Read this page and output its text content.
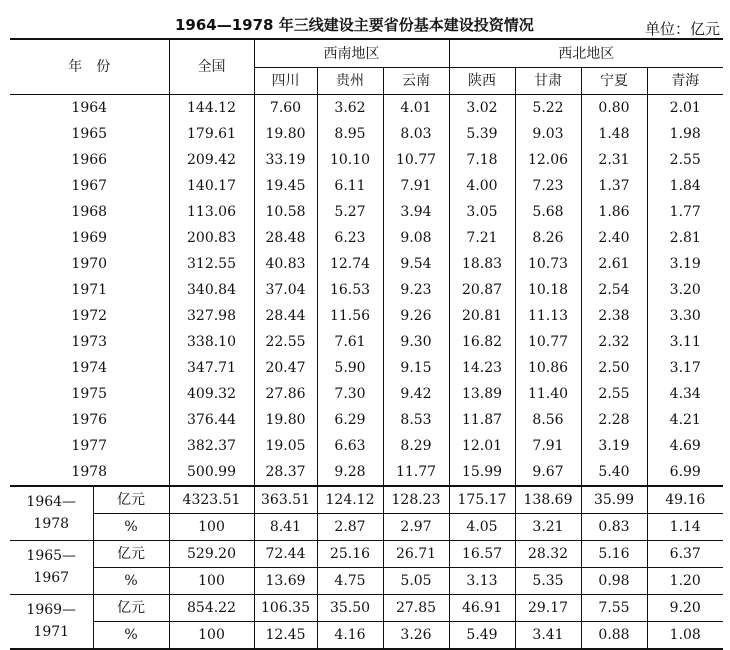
1964—1978 年三线建设主要省份基本建设投资情况	单位：亿元
年　份		全国	西南地区			西北地区			
			四川	贵州	云南	陕西	甘肃	宁夏	青海
1964		144.12	7.60	3.62	4.01	3.02	5.22	0.80	2.01
1965		179.61	19.80	8.95	8.03	5.39	9.03	1.48	1.98
1966		209.42	33.19	10.10	10.77	7.18	12.06	2.31	2.55
1967		140.17	19.45	6.11	7.91	4.00	7.23	1.37	1.84
1968		113.06	10.58	5.27	3.94	3.05	5.68	1.86	1.77
1969		200.83	28.48	6.23	9.08	7.21	8.26	2.40	2.81
1970		312.55	40.83	12.74	9.54	18.83	10.73	2.61	3.19
1971		340.84	37.04	16.53	9.23	20.87	10.18	2.54	3.20
1972		327.98	28.44	11.56	9.26	20.81	11.13	2.38	3.30
1973		338.10	22.55	7.61	9.30	16.82	10.77	2.32	3.11
1974		347.71	20.47	5.90	9.15	14.23	10.86	2.50	3.17
1975		409.32	27.86	7.30	9.42	13.89	11.40	2.55	4.34
1976		376.44	19.80	6.29	8.53	11.87	8.56	2.28	4.21
1977		382.37	19.05	6.63	8.29	12.01	7.91	3.19	4.69
1978		500.99	28.37	9.28	11.77	15.99	9.67	5.40	6.99

1964—
1978	亿元	4323.51	363.51	124.12	128.23	175.17	138.69	35.99	49.16
	%	100	8.41	2.87	2.97	4.05	3.21	0.83	1.14

1965—
1967	亿元	529.20	72.44	25.16	26.71	16.57	28.32	5.16	6.37
	%	100	13.69	4.75	5.05	3.13	5.35	0.98	1.20

1969—
1971	亿元	854.22	106.35	35.50	27.85	46.91	29.17	7.55	9.20
	%	100	12.45	4.16	3.26	5.49	3.41	0.88	1.08
